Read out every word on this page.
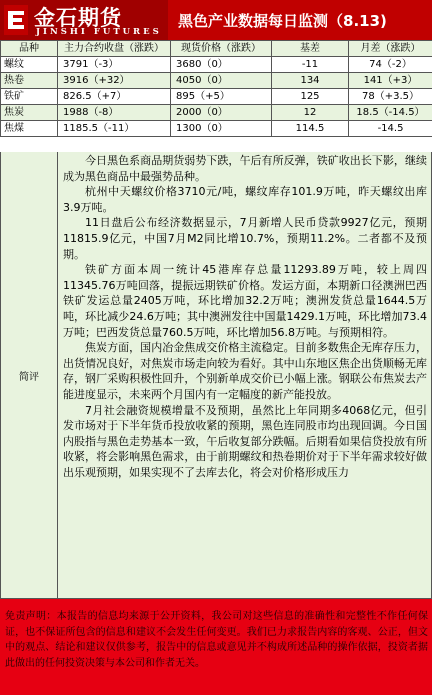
金石期货
JINSHI FUTURES
黑色产业数据每日监测（8.13)
品种	主力合约收盘（涨跌）	现货价格（涨跌）	基差	月差（涨跌）
螺纹	3791（-3）	3680（0）	-11	74（-2）
热卷	3916（+32）	4050（0）	134	141（+3）
铁矿	826.5（+7）	895（+5）	125	78（+3.5）
焦炭	1988（-8）	2000（0）	12	18.5（-14.5）
焦煤	1185.5（-11）	1300（0）	114.5	-14.5
简评

今日黑色系商品期货弱势下跌，午后有所反弹，铁矿收出长下影，继续成为黑色商品中最强势品种。

杭州中天螺纹价格3710元/吨，螺纹库存101.9万吨，昨天螺纹出库3.9万吨。

11日盘后公布经济数据显示，7月新增人民币贷款9927亿元，预期11815.9亿元，中国7月M2同比增10.7%，预期11.2%。二者都不及预期。

铁矿方面本周一统计45港库存总量11293.89万吨，较上周四11345.76万吨回落，提振远期铁矿价格。发运方面，本期新口径澳洲巴西铁矿发运总量2405万吨，环比增加32.2万吨；澳洲发货总量1644.5万吨，环比减少24.6万吨；其中澳洲发往中国量1429.1万吨，环比增加73.4万吨；巴西发货总量760.5万吨，环比增加56.8万吨。与预期相符。

焦炭方面，国内冶金焦成交价格主流稳定。目前多数焦企无库存压力，出货情况良好，对焦炭市场走向较为看好。其中山东地区焦企出货顺畅无库存，钢厂采购积极性回升，个别新单成交价已小幅上涨。钢联公布焦炭去产能进度显示，未来两个月国内有一定幅度的新产能投放。

7月社会融资规模增量不及预期，虽然比上年同期多4068亿元，但引发市场对于下半年货币投放收紧的预期，黑色连同股市均出现回调。今日国内股指与黑色走势基本一致，午后收复部分跌幅。后期看如果信贷投放有所收紧，将会影响黑色需求，由于前期螺纹和热卷期价对于下半年需求较好做出乐观预期，如果实现不了去库去化，将会对价格形成压力

免责声明：本报告的信息均来源于公开资料，我公司对这些信息的准确性和完整性不作任何保证，也不保证所包含的信息和建议不会发生任何变更。我们已力求报告内容的客观、公正，但文中的观点、结论和建议仅供参考，报告中的信息或意见并不构成所述品种的操作依据，投资者据此做出的任何投资决策与本公司和作者无关。
